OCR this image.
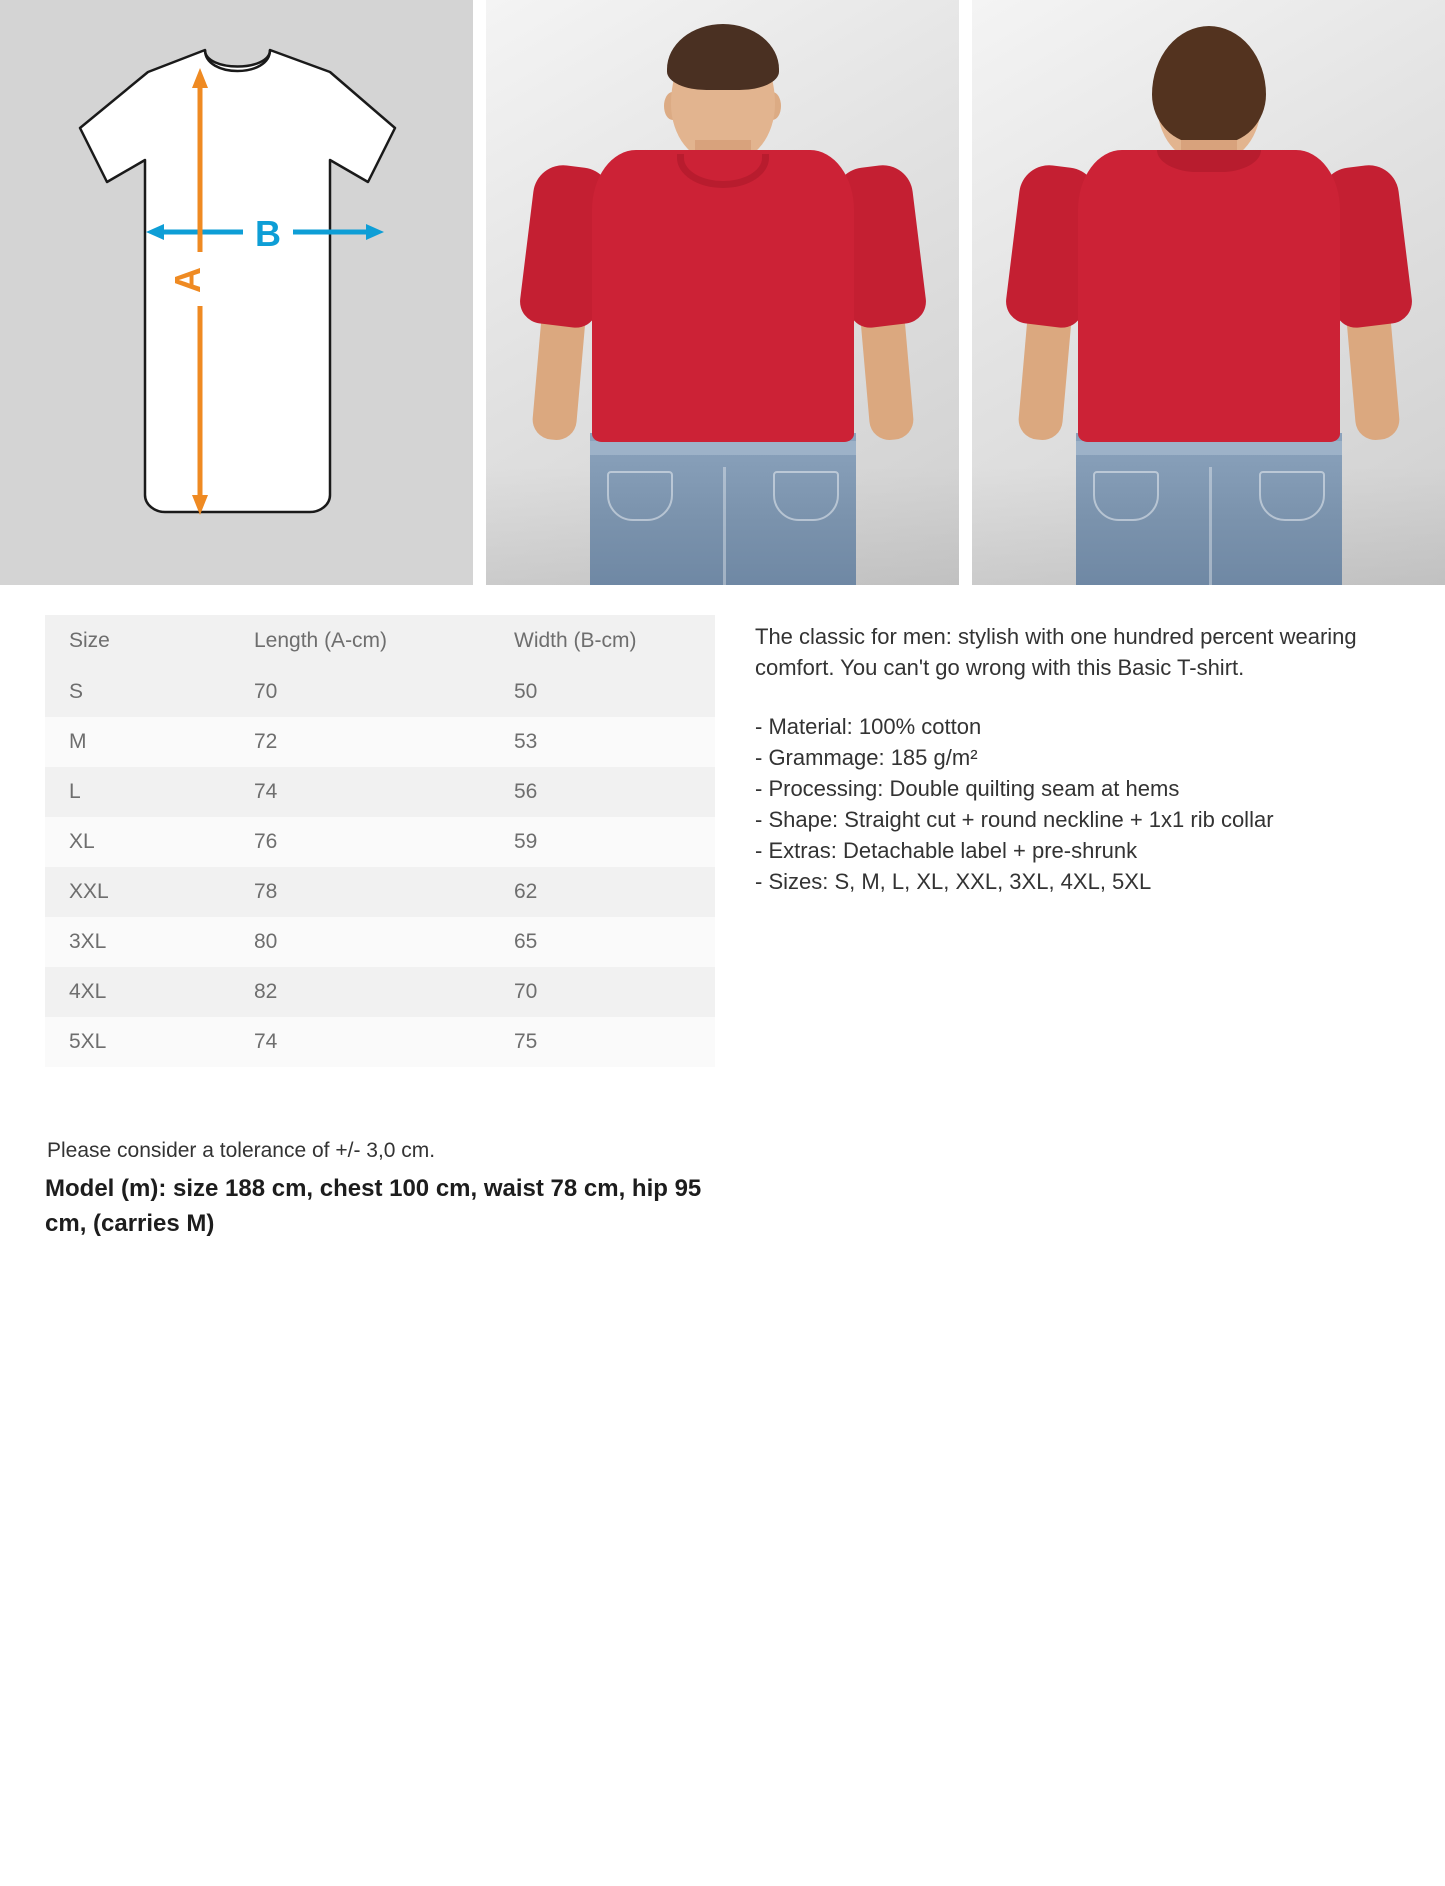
B
A
Size	Length (A-cm)	Width (B-cm)
S	70	50
M	72	53
L	74	56
XL	76	59
XXL	78	62
3XL	80	65
4XL	82	70
5XL	74	75

The classic for men: stylish with one hundred percent wearing comfort. You can't go wrong with this Basic T-shirt.

- Material: 100% cotton
- Grammage: 185 g/m²
- Processing: Double quilting seam at hems
- Shape: Straight cut + round neckline + 1x1 rib collar
- Extras: Detachable label + pre-shrunk
- Sizes: S, M, L, XL, XXL, 3XL, 4XL, 5XL

Please consider a tolerance of +/- 3,0 cm.

Model (m): size 188 cm, chest 100 cm, waist 78 cm, hip 95 cm, (carries M)
